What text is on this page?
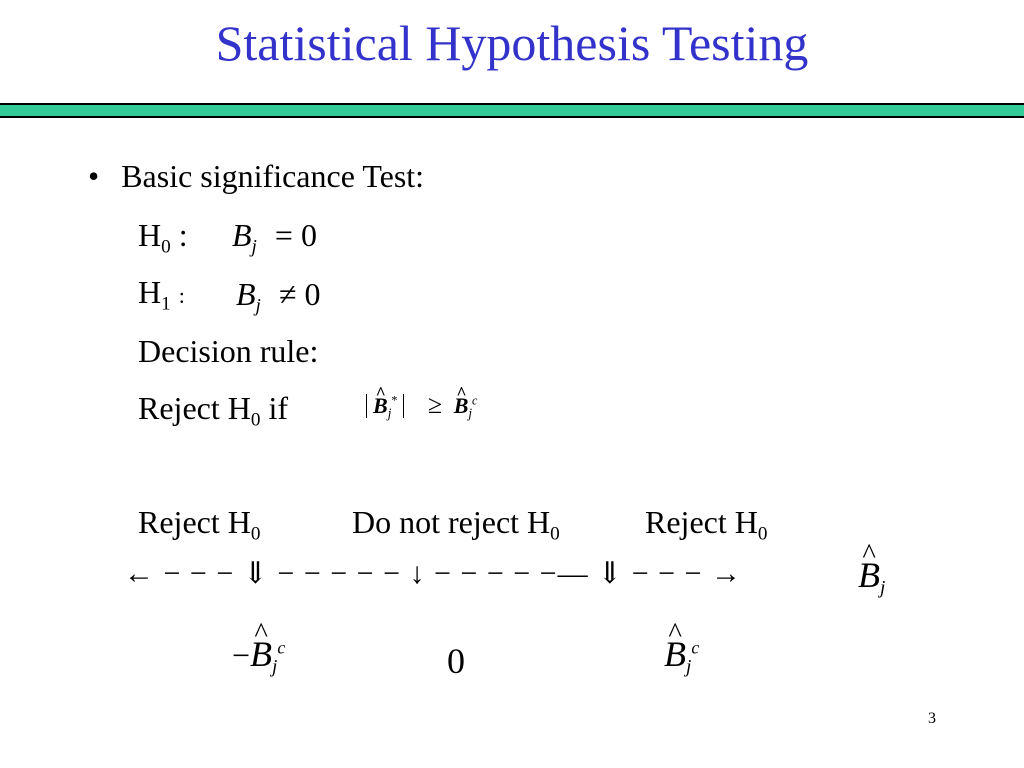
Statistical Hypothesis Testing
• Basic significance Test:
$H_0$ : $B_j = 0$
$H_1$ : $B_j \ne 0$
Decision rule:
Reject $H_0$ if	^ $B_j^*$ ≥ ^ $B_j^c$
Reject $H_0$	Do not reject $H_0$	Reject $H_0$
← − − − ⇓ − − − − − ↓ − − − − −— ⇓ − − − →	^ $B_j$
−^ $B_j^c$	0	^ $B_j^c$
3
